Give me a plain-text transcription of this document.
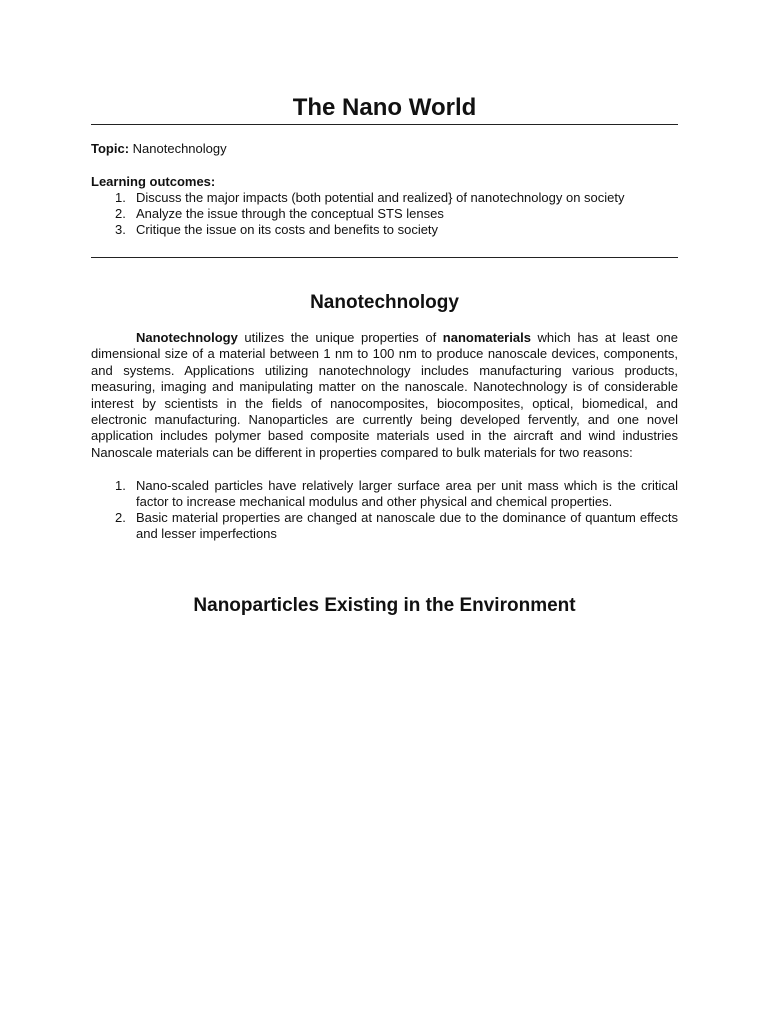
The Nano World
Topic: Nanotechnology
Learning outcomes:
1. Discuss the major impacts (both potential and realized} of nanotechnology on society
2. Analyze the issue through the conceptual STS lenses
3. Critique the issue on its costs and benefits to society
Nanotechnology

Nanotechnology utilizes the unique properties of nanomaterials which has at least one dimensional size of a material between 1 nm to 100 nm to produce nanoscale devices, components, and systems. Applications utilizing nanotechnology includes manufacturing various products, measuring, imaging and manipulating matter on the nanoscale. Nanotechnology is of considerable interest by scientists in the fields of nanocomposites, biocomposites, optical, biomedical, and electronic manufacturing. Nanoparticles are currently being developed fervently, and one novel application includes polymer based composite materials used in the aircraft and wind industries Nanoscale materials can be different in properties compared to bulk materials for two reasons:

1. Nano-scaled particles have relatively larger surface area per unit mass which is the critical factor to increase mechanical modulus and other physical and chemical properties.
2. Basic material properties are changed at nanoscale due to the dominance of quantum effects and lesser imperfections
Nanoparticles Existing in the Environment
